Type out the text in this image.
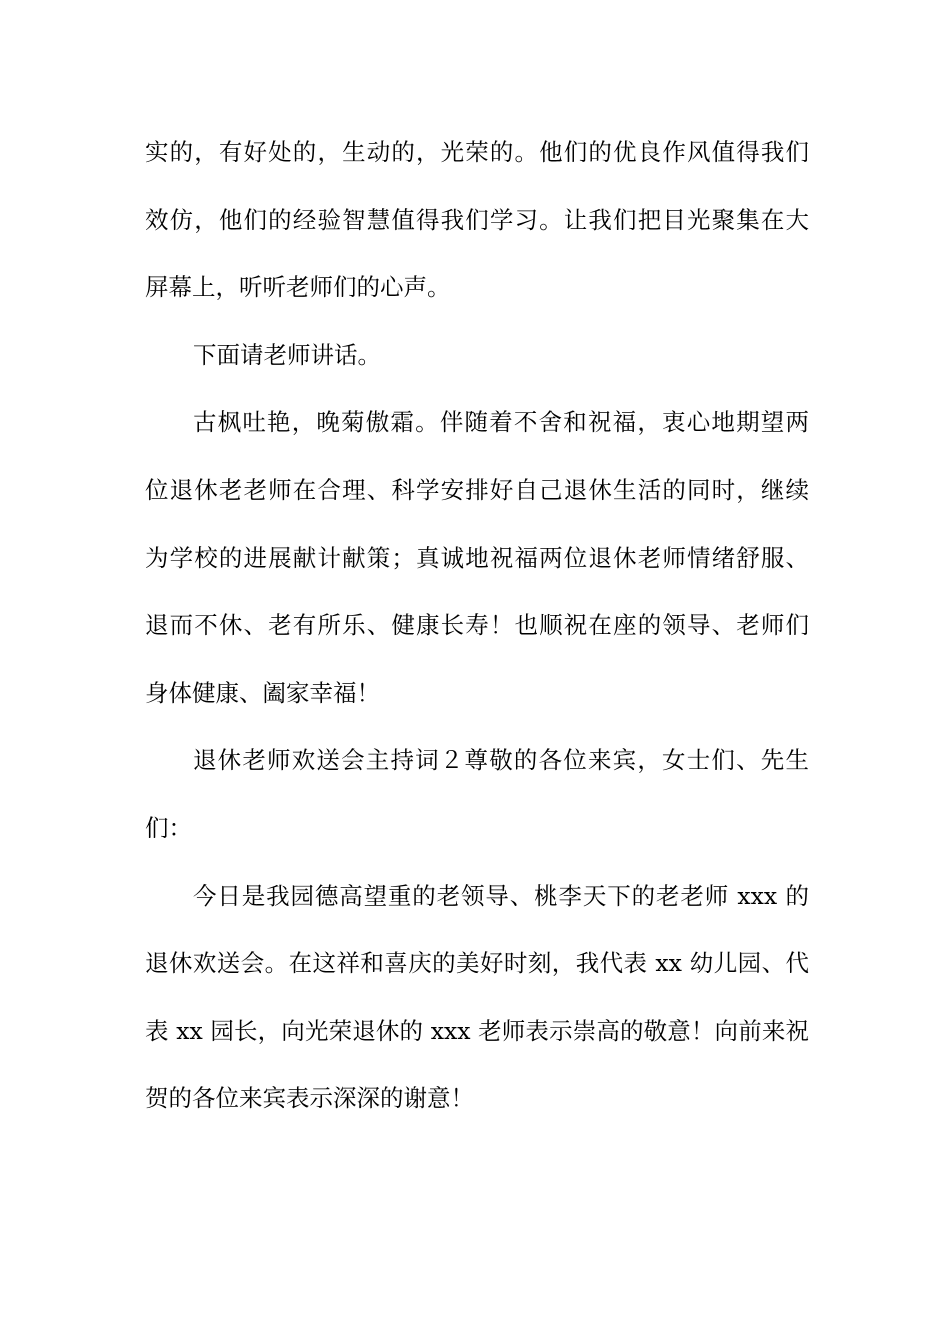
实的，有好处的，生动的，光荣的。他们的优良作风值得我们
效仿，他们的经验智慧值得我们学习。让我们把目光聚集在大
屏幕上，听听老师们的心声。
下面请老师讲话。
古枫吐艳，晚菊傲霜。伴随着不舍和祝福，衷心地期望两
位退休老老师在合理、科学安排好自己退休生活的同时，继续
为学校的进展献计献策；真诚地祝福两位退休老师情绪舒服、
退而不休、老有所乐、健康长寿！也顺祝在座的领导、老师们
身体健康、阖家幸福！
退休老师欢送会主持词２尊敬的各位来宾，女士们、先生
们：
今日是我园德高望重的老领导、桃李天下的老老师 xxx 的
退休欢送会。在这祥和喜庆的美好时刻，我代表 xx 幼儿园、代
表 xx 园长，向光荣退休的 xxx 老师表示崇高的敬意！向前来祝
贺的各位来宾表示深深的谢意！
